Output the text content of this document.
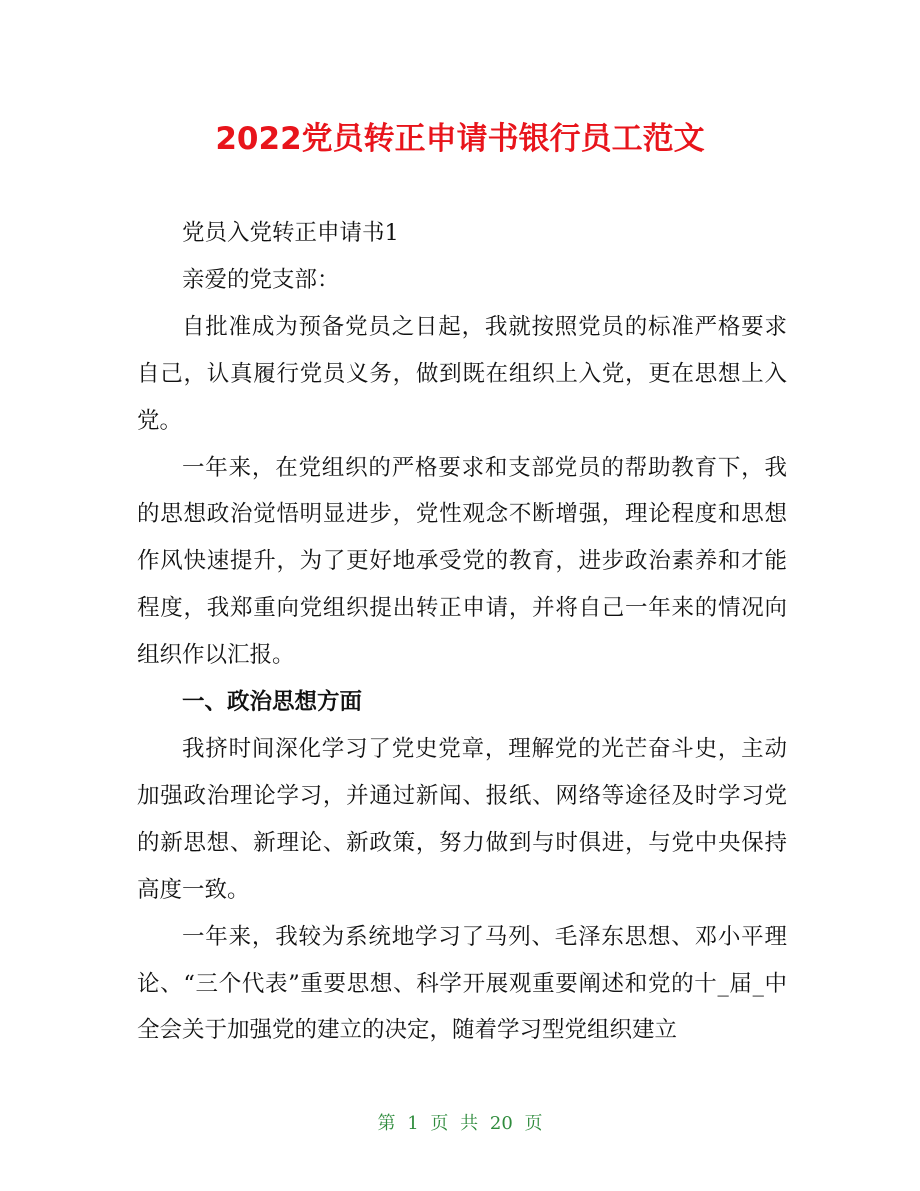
2022党员转正申请书银行员工范文

党员入党转正申请书1

亲爱的党支部：

自批准成为预备党员之日起，我就按照党员的标准严格要求自己，认真履行党员义务，做到既在组织上入党，更在思想上入党。

一年来，在党组织的严格要求和支部党员的帮助教育下，我的思想政治觉悟明显进步，党性观念不断增强，理论程度和思想作风快速提升，为了更好地承受党的教育，进步政治素养和才能程度，我郑重向党组织提出转正申请，并将自己一年来的情况向组织作以汇报。

一、政治思想方面

我挤时间深化学习了党史党章，理解党的光芒奋斗史，主动加强政治理论学习，并通过新闻、报纸、网络等途径及时学习党的新思想、新理论、新政策，努力做到与时俱进，与党中央保持高度一致。

一年来，我较为系统地学习了马列、毛泽东思想、邓小平理论、“三个代表”重要思想、科学开展观重要阐述和党的十_届_中全会关于加强党的建立的决定，随着学习型党组织建立

第 1 页 共 20 页
